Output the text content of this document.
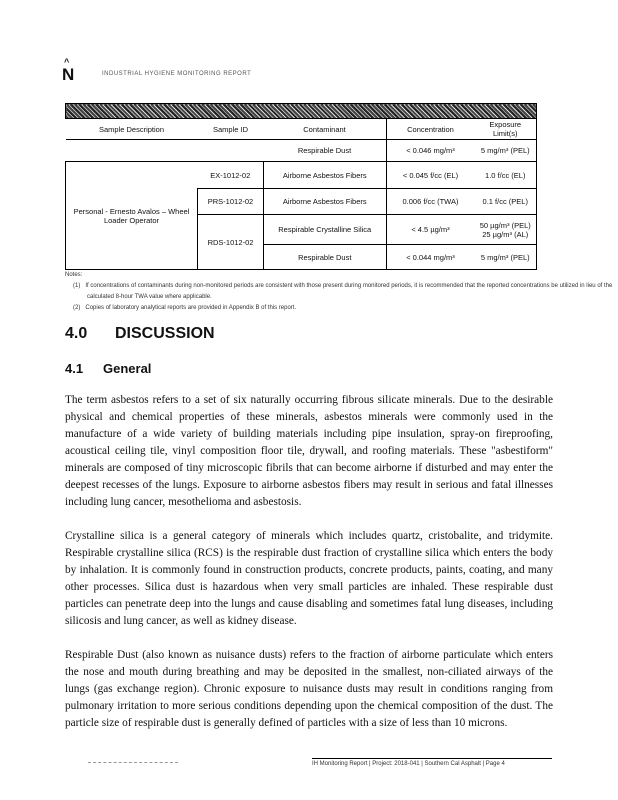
^
N	INDUSTRIAL HYGIENE MONITORING REPORT

Sample Description	Sample ID	Contaminant	Concentration	Exposure Limit(s)
		Respirable Dust	< 0.046 mg/m³	5 mg/m³ (PEL)
Personal - Ernesto Avalos – Wheel Loader Operator	EX-1012-02	Airborne Asbestos Fibers	< 0.045 f/cc (EL)	1.0 f/cc (EL)
	PRS-1012-02	Airborne Asbestos Fibers	0.006 f/cc (TWA)	0.1 f/cc (PEL)
	RDS-1012-02	Respirable Crystalline Silica	< 4.5 µg/m³	50 µg/m³ (PEL)
25 µg/m³ (AL)
		Respirable Dust	< 0.044 mg/m³	5 mg/m³ (PEL)
Notes:
(1) If concentrations of contaminants during non-monitored periods are consistent with those present during monitored periods, it is recommended that the reported concentrations be utilized in lieu of the calculated 8-hour TWA value where applicable.
(2) Copies of laboratory analytical reports are provided in Appendix B of this report.
4.0 DISCUSSION
4.1 General

The term asbestos refers to a set of six naturally occurring fibrous silicate minerals. Due to the desirable physical and chemical properties of these minerals, asbestos minerals were commonly used in the manufacture of a wide variety of building materials including pipe insulation, spray-on fireproofing, acoustical ceiling tile, vinyl composition floor tile, drywall, and roofing materials. These "asbestiform" minerals are composed of tiny microscopic fibrils that can become airborne if disturbed and may enter the deepest recesses of the lungs. Exposure to airborne asbestos fibers may result in serious and fatal illnesses including lung cancer, mesothelioma and asbestosis.

Crystalline silica is a general category of minerals which includes quartz, cristobalite, and tridymite. Respirable crystalline silica (RCS) is the respirable dust fraction of crystalline silica which enters the body by inhalation. It is commonly found in construction products, concrete products, paints, coating, and many other processes. Silica dust is hazardous when very small particles are inhaled. These respirable dust particles can penetrate deep into the lungs and cause disabling and sometimes fatal lung diseases, including silicosis and lung cancer, as well as kidney disease.

Respirable Dust (also known as nuisance dusts) refers to the fraction of airborne particulate which enters the nose and mouth during breathing and may be deposited in the smallest, non-ciliated airways of the lungs (gas exchange region). Chronic exposure to nuisance dusts may result in conditions ranging from pulmonary irritation to more serious conditions depending upon the chemical composition of the dust. The particle size of respirable dust is generally defined of particles with a size of less than 10 microns.

IH Monitoring Report | Project: 2018-041 | Southern Cal Asphalt | Page 4
